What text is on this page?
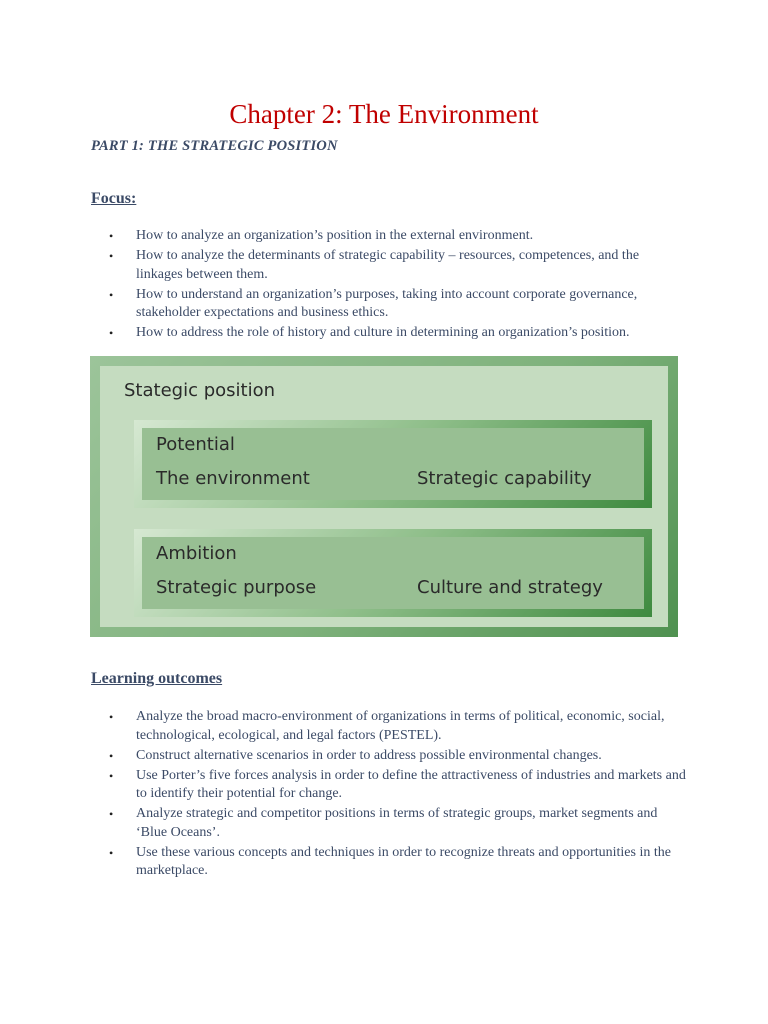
Chapter 2: The Environment
PART 1: THE STRATEGIC POSITION
Focus:
• How to analyze an organization’s position in the external environment.
• How to analyze the determinants of strategic capability – resources, competences, and the linkages between them.
• How to understand an organization’s purposes, taking into account corporate governance, stakeholder expectations and business ethics.
• How to address the role of history and culture in determining an organization’s position.
Stategic position
Potential
The environment	Strategic capability
Ambition
Strategic purpose	Culture and strategy
Learning outcomes
• Analyze the broad macro-environment of organizations in terms of political, economic, social, technological, ecological, and legal factors (PESTEL).
• Construct alternative scenarios in order to address possible environmental changes.
• Use Porter’s five forces analysis in order to define the attractiveness of industries and markets and to identify their potential for change.
• Analyze strategic and competitor positions in terms of strategic groups, market segments and ‘Blue Oceans’.
• Use these various concepts and techniques in order to recognize threats and opportunities in the marketplace.
